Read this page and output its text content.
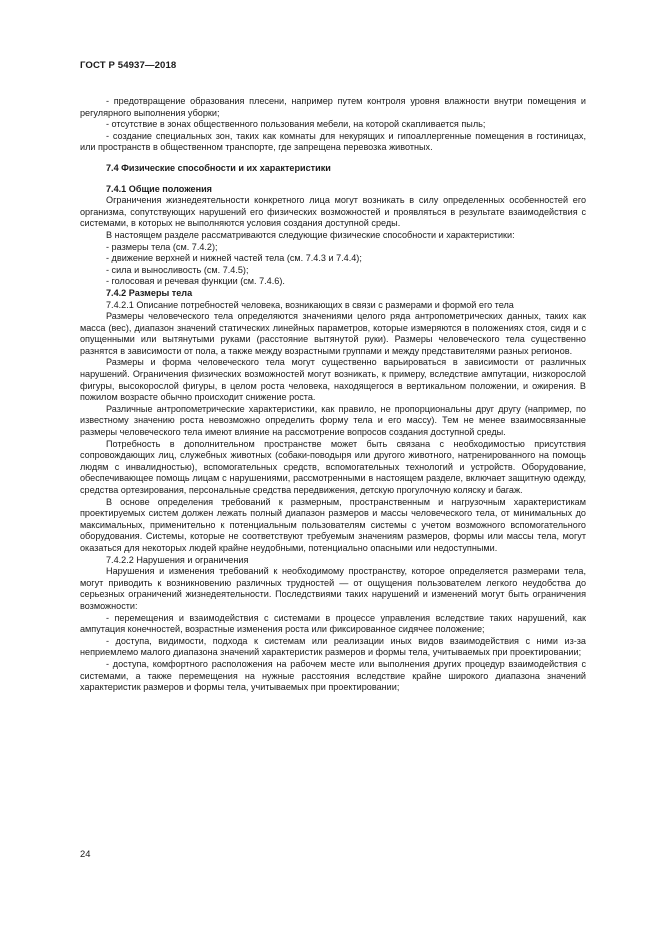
ГОСТ Р 54937—2018

- предотвращение образования плесени, например путем контроля уровня влажности внутри помещения и регулярного выполнения уборки;

- отсутствие в зонах общественного пользования мебели, на которой скапливается пыль;

- создание специальных зон, таких как комнаты для некурящих и гипоаллергенные помещения в гостиницах, или пространств в общественном транспорте, где запрещена перевозка животных.

7.4 Физические способности и их характеристики

7.4.1 Общие положения

Ограничения жизнедеятельности конкретного лица могут возникать в силу определенных особенностей его организма, сопутствующих нарушений его физических возможностей и проявляться в результате взаимодействия с системами, в которых не выполняются условия создания доступной среды.

В настоящем разделе рассматриваются следующие физические способности и характеристики:

- размеры тела (см. 7.4.2);

- движение верхней и нижней частей тела (см. 7.4.3 и 7.4.4);

- сила и выносливость (см. 7.4.5);

- голосовая и речевая функции (см. 7.4.6).

7.4.2 Размеры тела

7.4.2.1 Описание потребностей человека, возникающих в связи с размерами и формой его тела

Размеры человеческого тела определяются значениями целого ряда антропометрических данных, таких как масса (вес), диапазон значений статических линейных параметров, которые измеряются в положениях стоя, сидя и с опущенными или вытянутыми руками (расстояние вытянутой руки). Размеры человеческого тела существенно разнятся в зависимости от пола, а также между возрастными группами и между представителями разных регионов.

Размеры и форма человеческого тела могут существенно варьироваться в зависимости от различных нарушений. Ограничения физических возможностей могут возникать, к примеру, вследствие ампутации, низкорослой фигуры, высокорослой фигуры, в целом роста человека, находящегося в вертикальном положении, и ожирения. В пожилом возрасте обычно происходит снижение роста.

Различные антропометрические характеристики, как правило, не пропорциональны друг другу (например, по известному значению роста невозможно определить форму тела и его массу). Тем не менее взаимосвязанные размеры человеческого тела имеют влияние на рассмотрение вопросов создания доступной среды.

Потребность в дополнительном пространстве может быть связана с необходимостью присутствия сопровождающих лиц, служебных животных (собаки-поводыря или другого животного, натренированного на помощь людям с инвалидностью), вспомогательных средств, вспомогательных технологий и устройств. Оборудование, обеспечивающее помощь лицам с нарушениями, рассмотренными в настоящем разделе, включает защитную одежду, средства ортезирования, персональные средства передвижения, детскую прогулочную коляску и багаж.

В основе определения требований к размерным, пространственным и нагрузочным характеристикам проектируемых систем должен лежать полный диапазон размеров и массы человеческого тела, от минимальных до максимальных, применительно к потенциальным пользователям системы с учетом возможного вспомогательного оборудования. Системы, которые не соответствуют требуемым значениям размеров, формы или массы тела, могут оказаться для некоторых людей крайне неудобными, потенциально опасными или недоступными.

7.4.2.2 Нарушения и ограничения

Нарушения и изменения требований к необходимому пространству, которое определяется размерами тела, могут приводить к возникновению различных трудностей — от ощущения пользователем легкого неудобства до серьезных ограничений жизнедеятельности. Последствиями таких нарушений и изменений могут быть ограничения возможности:

- перемещения и взаимодействия с системами в процессе управления вследствие таких нарушений, как ампутация конечностей, возрастные изменения роста или фиксированное сидячее положение;

- доступа, видимости, подхода к системам или реализации иных видов взаимодействия с ними из-за неприемлемо малого диапазона значений характеристик размеров и формы тела, учитываемых при проектировании;

- доступа, комфортного расположения на рабочем месте или выполнения других процедур взаимодействия с системами, а также перемещения на нужные расстояния вследствие крайне широкого диапазона значений характеристик размеров и формы тела, учитываемых при проектировании;

24
